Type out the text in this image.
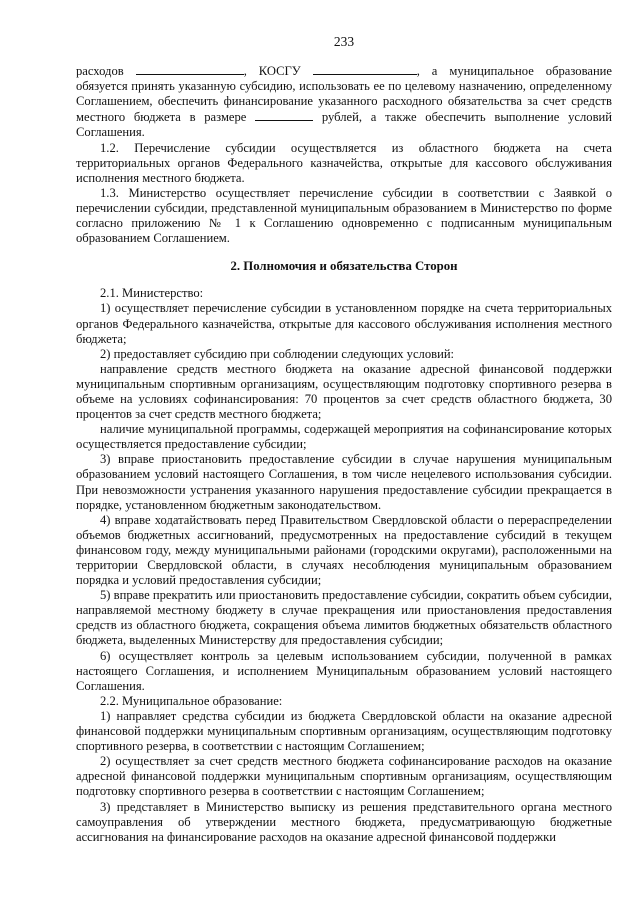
233

расходов	, КОСГУ	, а муниципальное образование обязуется принять указанную субсидию, использовать ее по целевому назначению, определенному Соглашением, обеспечить финансирование указанного расходного обязательства за счет средств местного бюджета в размере	рублей, а также обеспечить выполнение условий Соглашения.

1.2. Перечисление субсидии осуществляется из областного бюджета на счета территориальных органов Федерального казначейства, открытые для кассового обслуживания исполнения местного бюджета.

1.3. Министерство осуществляет перечисление субсидии в соответствии с Заявкой о перечислении субсидии, представленной муниципальным образованием в Министерство по форме согласно приложению № 1 к Соглашению одновременно с подписанным муниципальным образованием Соглашением.

2. Полномочия и обязательства Сторон

2.1. Министерство:

1) осуществляет перечисление субсидии в установленном порядке на счета территориальных органов Федерального казначейства, открытые для кассового обслуживания исполнения местного бюджета;

2) предоставляет субсидию при соблюдении следующих условий:

направление средств местного бюджета на оказание адресной финансовой поддержки муниципальным спортивным организациям, осуществляющим подготовку спортивного резерва в объеме на условиях софинансирования: 70 процентов за счет средств областного бюджета, 30 процентов за счет средств местного бюджета;

наличие муниципальной программы, содержащей мероприятия на софинансирование которых осуществляется предоставление субсидии;

3) вправе приостановить предоставление субсидии в случае нарушения муниципальным образованием условий настоящего Соглашения, в том числе нецелевого использования субсидии. При невозможности устранения указанного нарушения предоставление субсидии прекращается в порядке, установленном бюджетным законодательством.

4) вправе ходатайствовать перед Правительством Свердловской области о перераспределении объемов бюджетных ассигнований, предусмотренных на предоставление субсидий в текущем финансовом году, между муниципальными районами (городскими округами), расположенными на территории Свердловской области, в случаях несоблюдения муниципальным образованием порядка и условий предоставления субсидии;

5) вправе прекратить или приостановить предоставление субсидии, сократить объем субсидии, направляемой местному бюджету в случае прекращения или приостановления предоставления средств из областного бюджета, сокращения объема лимитов бюджетных обязательств областного бюджета, выделенных Министерству для предоставления субсидии;

6) осуществляет контроль за целевым использованием субсидии, полученной в рамках настоящего Соглашения, и исполнением Муниципальным образованием условий настоящего Соглашения.

2.2. Муниципальное образование:

1) направляет средства субсидии из бюджета Свердловской области на оказание адресной финансовой поддержки муниципальным спортивным организациям, осуществляющим подготовку спортивного резерва, в соответствии с настоящим Соглашением;

2) осуществляет за счет средств местного бюджета софинансирование расходов на оказание адресной финансовой поддержки муниципальным спортивным организациям, осуществляющим подготовку спортивного резерва в соответствии с настоящим Соглашением;

3) представляет в Министерство выписку из решения представительного органа местного самоуправления об утверждении местного бюджета, предусматривающую бюджетные ассигнования на финансирование расходов на оказание адресной финансовой поддержки
